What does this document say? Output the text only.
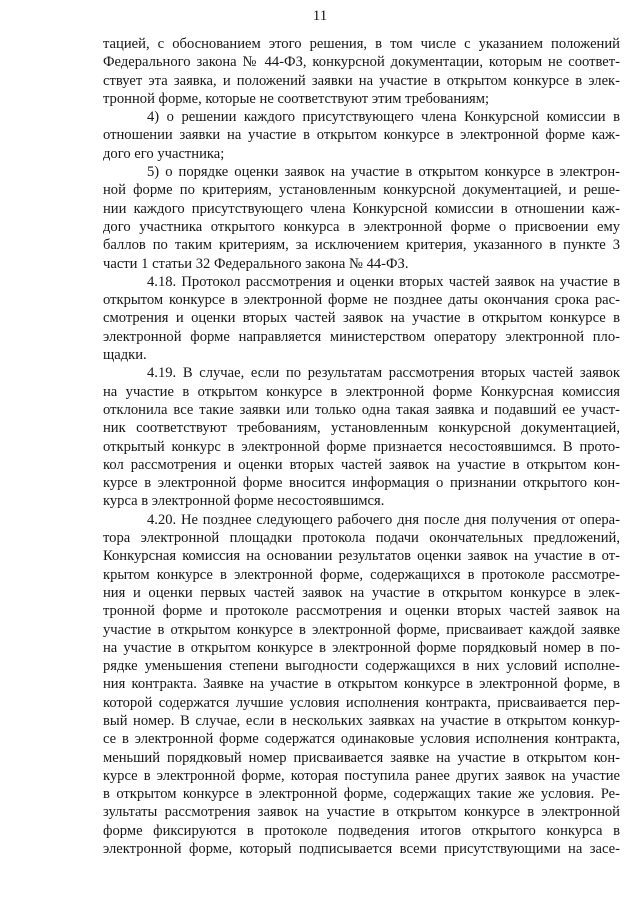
11
тацией, с обоснованием этого решения, в том числе с указанием положений
Федерального закона № 44-ФЗ, конкурсной документации, которым не соответ-
ствует эта заявка, и положений заявки на участие в открытом конкурсе в элек-
тронной форме, которые не соответствуют этим требованиям;
4) о решении каждого присутствующего члена Конкурсной комиссии в
отношении заявки на участие в открытом конкурсе в электронной форме каж-
дого его участника;
5) о порядке оценки заявок на участие в открытом конкурсе в электрон-
ной форме по критериям, установленным конкурсной документацией, и реше-
нии каждого присутствующего члена Конкурсной комиссии в отношении каж-
дого участника открытого конкурса в электронной форме о присвоении ему
баллов по таким критериям, за исключением критерия, указанного в пункте 3
части 1 статьи 32 Федерального закона № 44-ФЗ.
4.18. Протокол рассмотрения и оценки вторых частей заявок на участие в
открытом конкурсе в электронной форме не позднее даты окончания срока рас-
смотрения и оценки вторых частей заявок на участие в открытом конкурсе в
электронной форме направляется министерством оператору электронной пло-
щадки.
4.19. В случае, если по результатам рассмотрения вторых частей заявок
на участие в открытом конкурсе в электронной форме Конкурсная комиссия
отклонила все такие заявки или только одна такая заявка и подавший ее участ-
ник соответствуют требованиям, установленным конкурсной документацией,
открытый конкурс в электронной форме признается несостоявшимся. В прото-
кол рассмотрения и оценки вторых частей заявок на участие в открытом кон-
курсе в электронной форме вносится информация о признании открытого кон-
курса в электронной форме несостоявшимся.
4.20. Не позднее следующего рабочего дня после дня получения от опера-
тора электронной площадки протокола подачи окончательных предложений,
Конкурсная комиссия на основании результатов оценки заявок на участие в от-
крытом конкурсе в электронной форме, содержащихся в протоколе рассмотре-
ния и оценки первых частей заявок на участие в открытом конкурсе в элек-
тронной форме и протоколе рассмотрения и оценки вторых частей заявок на
участие в открытом конкурсе в электронной форме, присваивает каждой заявке
на участие в открытом конкурсе в электронной форме порядковый номер в по-
рядке уменьшения степени выгодности содержащихся в них условий исполне-
ния контракта. Заявке на участие в открытом конкурсе в электронной форме, в
которой содержатся лучшие условия исполнения контракта, присваивается пер-
вый номер. В случае, если в нескольких заявках на участие в открытом конкур-
се в электронной форме содержатся одинаковые условия исполнения контракта,
меньший порядковый номер присваивается заявке на участие в открытом кон-
курсе в электронной форме, которая поступила ранее других заявок на участие
в открытом конкурсе в электронной форме, содержащих такие же условия. Ре-
зультаты рассмотрения заявок на участие в открытом конкурсе в электронной
форме фиксируются в протоколе подведения итогов открытого конкурса в
электронной форме, который подписывается всеми присутствующими на засе-
